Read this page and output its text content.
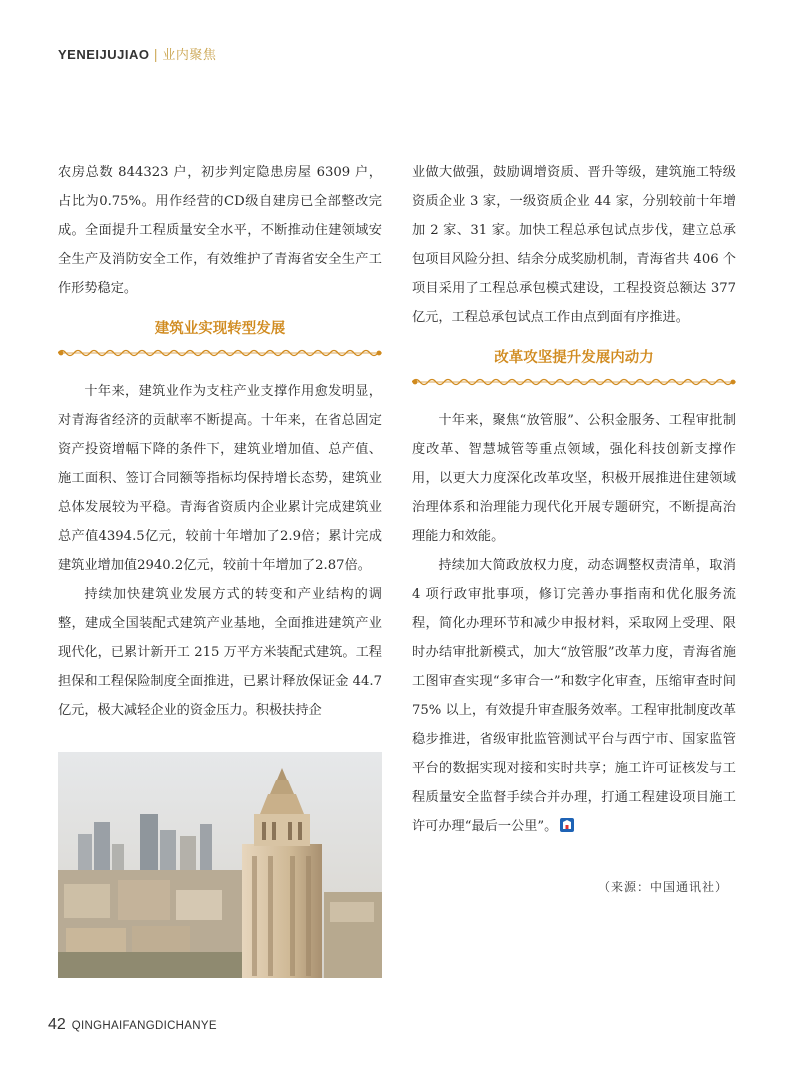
YENEIJUJIAO | 业内聚焦

农房总数 844323 户，初步判定隐患房屋 6309 户，占比为0.75%。用作经营的CD级自建房已全部整改完成。全面提升工程质量安全水平，不断推动住建领域安全生产及消防安全工作，有效维护了青海省安全生产工作形势稳定。

建筑业实现转型发展

十年来，建筑业作为支柱产业支撑作用愈发明显，对青海省经济的贡献率不断提高。十年来，在省总固定资产投资增幅下降的条件下，建筑业增加值、总产值、施工面积、签订合同额等指标均保持增长态势，建筑业总体发展较为平稳。青海省资质内企业累计完成建筑业总产值4394.5亿元，较前十年增加了2.9倍；累计完成建筑业增加值2940.2亿元，较前十年增加了2.87倍。

持续加快建筑业发展方式的转变和产业结构的调整，建成全国装配式建筑产业基地，全面推进建筑产业现代化，已累计新开工 215 万平方米装配式建筑。工程担保和工程保险制度全面推进，已累计释放保证金 44.7 亿元，极大减轻企业的资金压力。积极扶持企

业做大做强，鼓励调增资质、晋升等级，建筑施工特级资质企业 3 家，一级资质企业 44 家，分别较前十年增加 2 家、31 家。加快工程总承包试点步伐，建立总承包项目风险分担、结余分成奖励机制，青海省共 406 个项目采用了工程总承包模式建设，工程投资总额达 377 亿元，工程总承包试点工作由点到面有序推进。

改革攻坚提升发展内动力

十年来，聚焦“放管服”、公积金服务、工程审批制度改革、智慧城管等重点领域，强化科技创新支撑作用，以更大力度深化改革攻坚，积极开展推进住建领域治理体系和治理能力现代化开展专题研究，不断提高治理能力和效能。

持续加大简政放权力度，动态调整权责清单，取消 4 项行政审批事项，修订完善办事指南和优化服务流程，简化办理环节和减少申报材料，采取网上受理、限时办结审批新模式，加大“放管服”改革力度，青海省施工图审查实现“多审合一”和数字化审查，压缩审查时间 75% 以上，有效提升审查服务效率。工程审批制度改革稳步推进，省级审批监管测试平台与西宁市、国家监管平台的数据实现对接和实时共享；施工许可证核发与工程质量安全监督手续合并办理，打通工程建设项目施工许可办理“最后一公里”。

（来源：中国通讯社）
42 QINGHAIFANGDICHANYE
